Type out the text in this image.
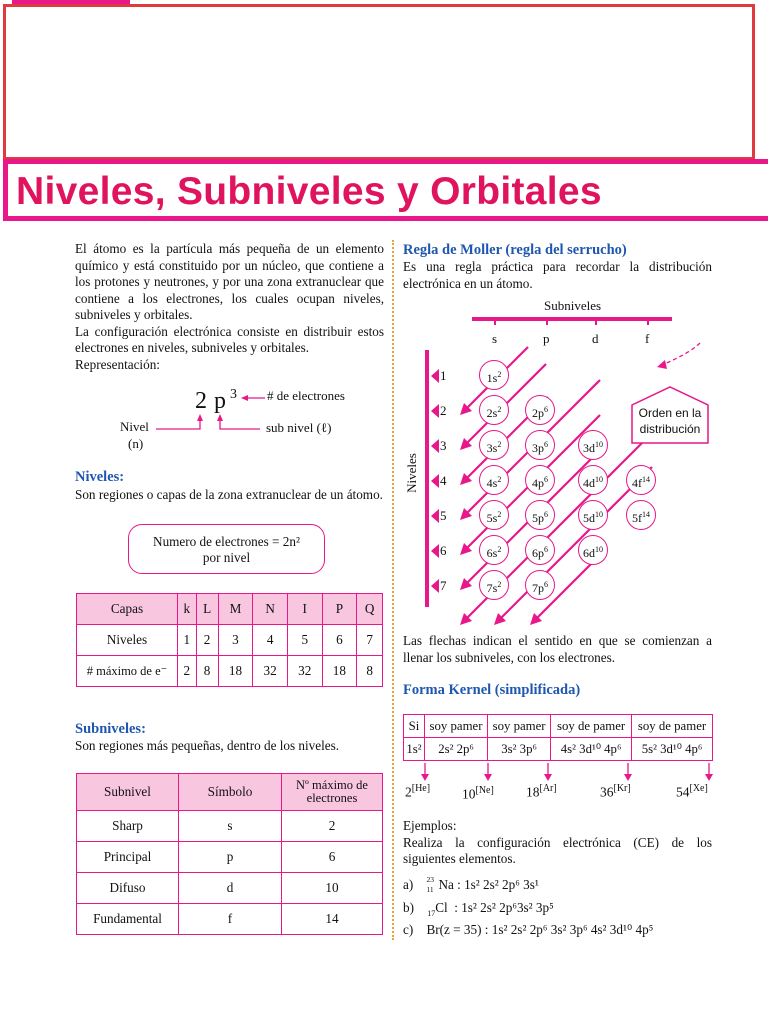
Niveles, Subniveles y Orbitales

El átomo es la partícula más pequeña de un elemento químico y está constituido por un núcleo, que contiene a los protones y neutrones, y por una zona extranuclear que contiene a los electrones, los cuales ocupan niveles, subniveles y orbitales.

La configuración electrónica consiste en distribuir estos electrones en niveles, subniveles y orbitales.

Representación:

2 p 3 # de electrones
Nivel
(n)
sub nivel (ℓ)
Niveles:
Son regiones o capas de la zona extranuclear de un átomo.
Numero de electrones = 2n²
por nivel
Capas	k	L	M	N	I	P	Q
Niveles	1	2	3	4	5	6	7
# máximo de e⁻	2	8	18	32	32	18	8
Subniveles:
Son regiones más pequeñas, dentro de los niveles.
Subnivel	Símbolo	Nº máximo de electrones
Sharp	s	2
Principal	p	6
Difuso	d	10
Fundamental	f	14
Regla de Moller (regla del serrucho)
Es una regla práctica para recordar la distribución electrónica en un átomo.
Subniveles
s	p	d	f
Niveles
1
2
3
4
5
6
7
Orden en la distribución
$1s^2$
$2s^2$	$2p^6$
$3s^2$	$3p^6$	$3d^{10}$
$4s^2$	$4p^6$	$4d^{10}$	$4f^{14}$
$5s^2$	$5p^6$	$5d^{10}$	$5f^{14}$
$6s^2$	$6p^6$	$6d^{10}$
$7s^2$	$7p^6$
Las flechas indican el sentido en que se comienzan a llenar los subniveles, con los electrones.
Forma Kernel (simplificada)
Si	soy pamer	soy pamer	soy de pamer	soy de pamer
1s²	2s² 2p⁶	3s² 3p⁶	4s² 3d¹⁰ 4p⁶	5s² 3d¹⁰ 4p⁶
2[He] 10[Ne] 18[Ar]	36[Kr]	54[Xe]

Ejemplos:

Realiza la configuración electrónica (CE) de los siguientes elementos.

a) 23
11 Na : 1s² 2s² 2p⁶ 3s¹
b) $_{17}$Cl : 1s² 2s² 2p⁶3s² 3p⁵
c) Br(z = 35) : 1s² 2s² 2p⁶ 3s² 3p⁶ 4s² 3d¹⁰ 4p⁵
